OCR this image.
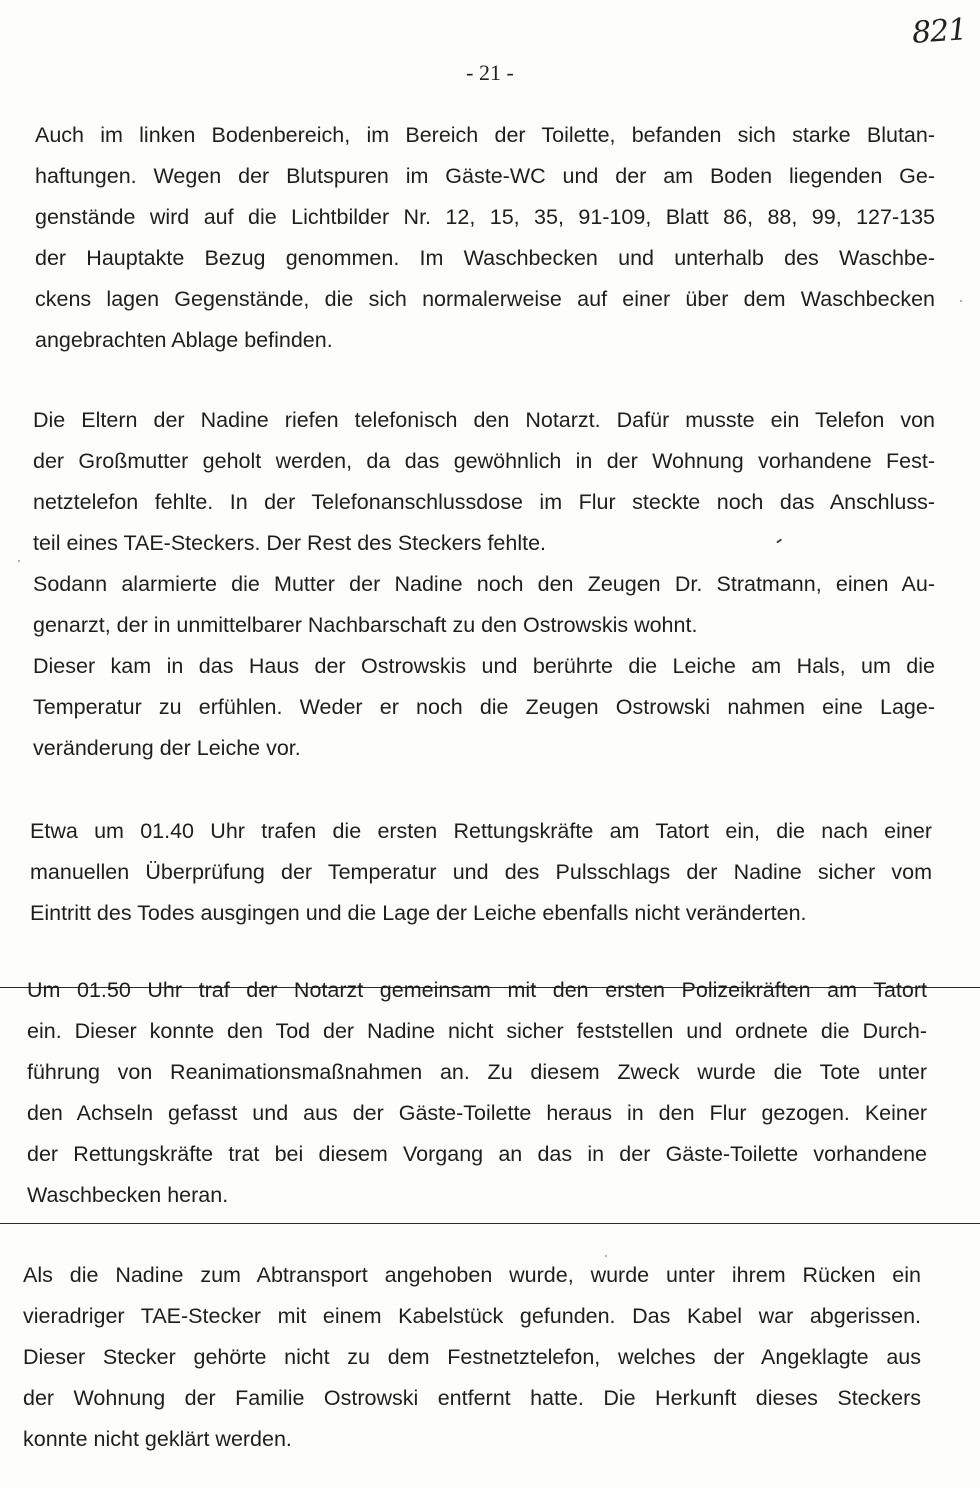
821
- 21 -
Auch im linken Bodenbereich, im Bereich der Toilette, befanden sich starke Blutan-
haftungen. Wegen der Blutspuren im Gäste-WC und der am Boden liegenden Ge-
genstände wird auf die Lichtbilder Nr. 12, 15, 35, 91-109, Blatt 86, 88, 99, 127-135
der Hauptakte Bezug genommen. Im Waschbecken und unterhalb des Waschbe-
ckens lagen Gegenstände, die sich normalerweise auf einer über dem Waschbecken
angebrachten Ablage befinden.
Die Eltern der Nadine riefen telefonisch den Notarzt. Dafür musste ein Telefon von
der Großmutter geholt werden, da das gewöhnlich in der Wohnung vorhandene Fest-
netztelefon fehlte. In der Telefonanschlussdose im Flur steckte noch das Anschluss-
teil eines TAE-Steckers. Der Rest des Steckers fehlte.
Sodann alarmierte die Mutter der Nadine noch den Zeugen Dr. Stratmann, einen Au-
genarzt, der in unmittelbarer Nachbarschaft zu den Ostrowskis wohnt.
Dieser kam in das Haus der Ostrowskis und berührte die Leiche am Hals, um die
Temperatur zu erfühlen. Weder er noch die Zeugen Ostrowski nahmen eine Lage-
veränderung der Leiche vor.
Etwa um 01.40 Uhr trafen die ersten Rettungskräfte am Tatort ein, die nach einer
manuellen Überprüfung der Temperatur und des Pulsschlags der Nadine sicher vom
Eintritt des Todes ausgingen und die Lage der Leiche ebenfalls nicht veränderten.
Um 01.50 Uhr traf der Notarzt gemeinsam mit den ersten Polizeikräften am Tatort
ein. Dieser konnte den Tod der Nadine nicht sicher feststellen und ordnete die Durch-
führung von Reanimationsmaßnahmen an. Zu diesem Zweck wurde die Tote unter
den Achseln gefasst und aus der Gäste-Toilette heraus in den Flur gezogen. Keiner
der Rettungskräfte trat bei diesem Vorgang an das in der Gäste-Toilette vorhandene
Waschbecken heran.
Als die Nadine zum Abtransport angehoben wurde, wurde unter ihrem Rücken ein
vieradriger TAE-Stecker mit einem Kabelstück gefunden. Das Kabel war abgerissen.
Dieser Stecker gehörte nicht zu dem Festnetztelefon, welches der Angeklagte aus
der Wohnung der Familie Ostrowski entfernt hatte. Die Herkunft dieses Steckers
konnte nicht geklärt werden.
